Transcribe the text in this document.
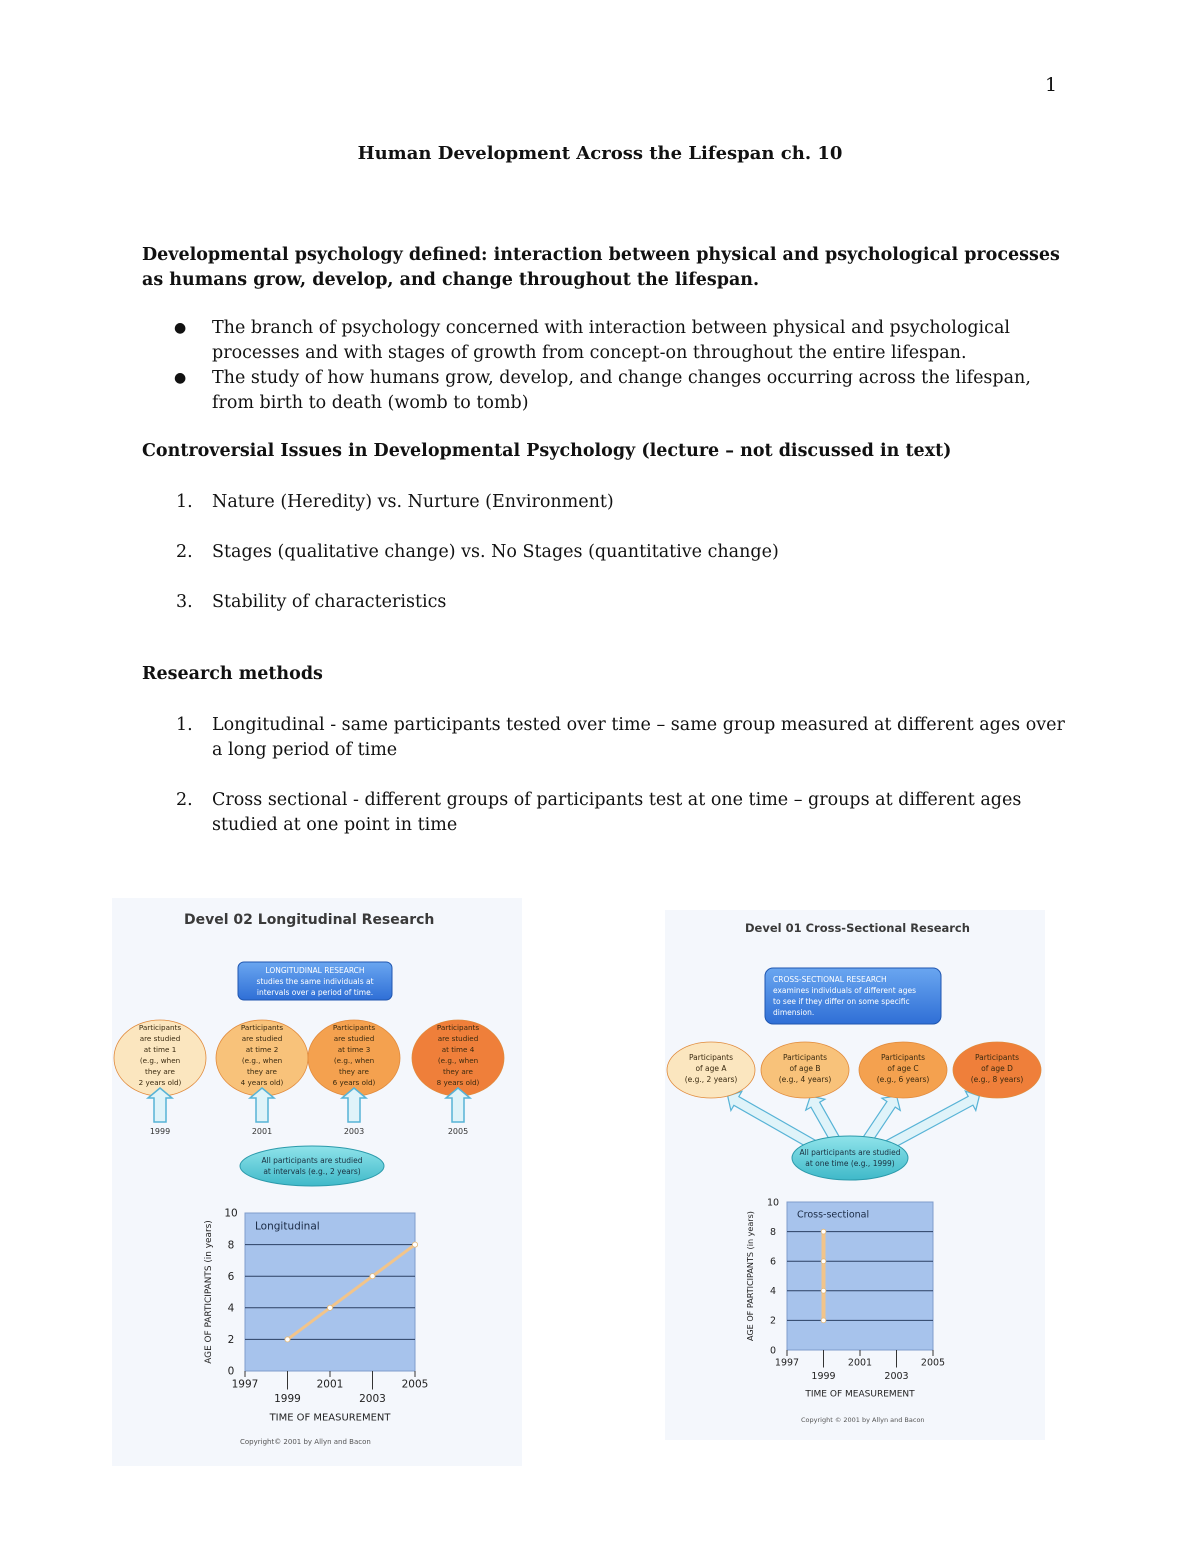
1
Human Development Across the Lifespan ch. 10
Developmental psychology defined: interaction between physical and psychological processes as humans grow, develop, and change throughout the lifespan.
● The branch of psychology concerned with interaction between physical and psychological processes and with stages of growth from concept-on throughout the entire lifespan.
● The study of how humans grow, develop, and change changes occurring across the lifespan, from birth to death (womb to tomb)
Controversial Issues in Developmental Psychology (lecture – not discussed in text)
1. Nature (Heredity) vs. Nurture (Environment)
2. Stages (qualitative change) vs. No Stages (quantitative change)
3. Stability of characteristics
Research methods
1. Longitudinal - same participants tested over time – same group measured at different ages over a long period of time
2. Cross sectional - different groups of participants test at one time – groups at different ages studied at one point in time
Devel 02 Longitudinal Research
LONGITUDINAL RESEARCH
studies the same individuals at
intervals over a period of time.
Participants
are studied
at time 1
(e.g., when
they are
2 years old)
1999
Participants
are studied
at time 2
(e.g., when
they are
4 years old)
2001
Participants
are studied
at time 3
(e.g., when
they are
6 years old)
2003
Participants
are studied
at time 4
(e.g., when
they are
8 years old)
2005
All participants are studied
at intervals (e.g., 2 years)
0
2
4
6
8
10
1997	2001	2005
1999	2003
Longitudinal
TIME OF MEASUREMENT
AGE OF PARTICIPANTS (in years)
Copyright© 2001 by Allyn and Bacon
Devel 01 Cross-Sectional Research
CROSS-SECTIONAL RESEARCH
examines individuals of different ages
to see if they differ on some specific
dimension.
Participants
of age A
(e.g., 2 years)
Participants
of age B
(e.g., 4 years)
Participants
of age C
(e.g., 6 years)
Participants
of age D
(e.g., 8 years)
All participants are studied
at one time (e.g., 1999)
0
2
4
6
8
10
1997	2001	2005
1999	2003
Cross-sectional
TIME OF MEASUREMENT
AGE OF PARTICIPANTS (in years)
Copyright © 2001 by Allyn and Bacon
